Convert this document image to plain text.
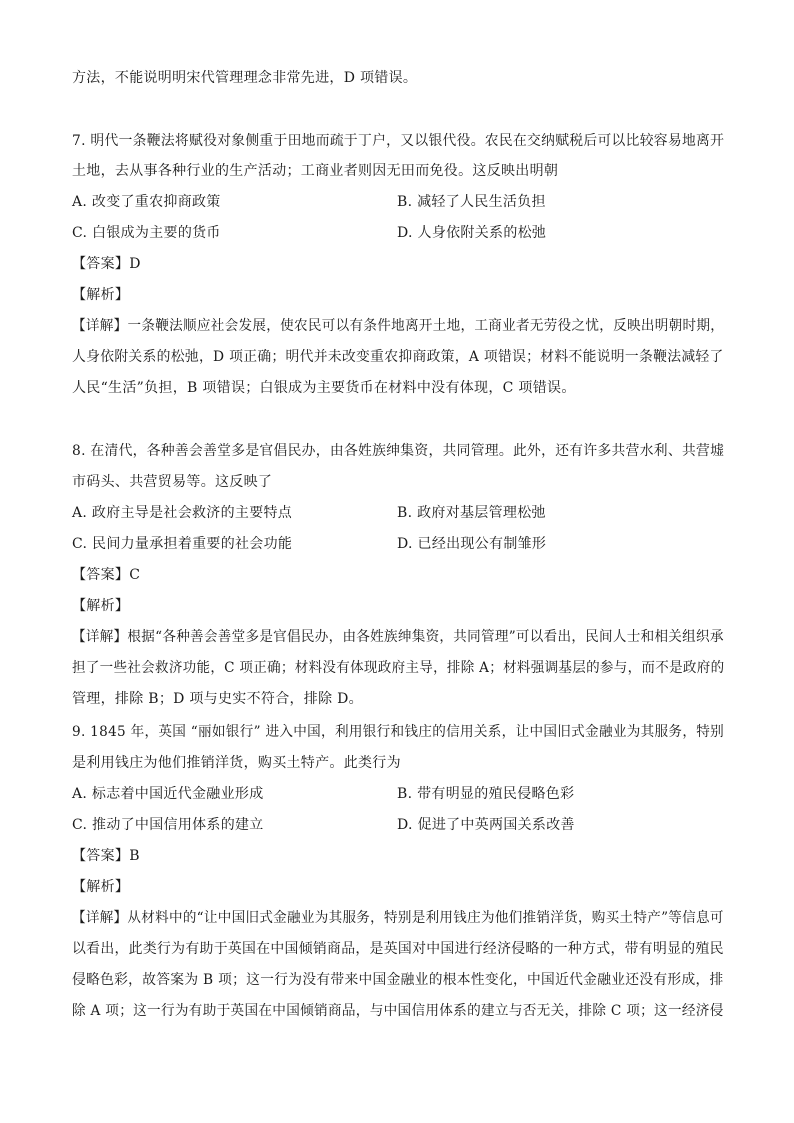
方法，不能说明明宋代管理理念非常先进，D 项错误。
7. 明代一条鞭法将赋役对象侧重于田地而疏于丁户，又以银代役。农民在交纳赋税后可以比较容易地离开
土地，去从事各种行业的生产活动；工商业者则因无田而免役。这反映出明朝
A. 改变了重农抑商政策	B. 减轻了人民生活负担
C. 白银成为主要的货币	D. 人身依附关系的松弛
【答案】D
【解析】
【详解】一条鞭法顺应社会发展，使农民可以有条件地离开土地，工商业者无劳役之忧，反映出明朝时期，
人身依附关系的松弛，D 项正确；明代并未改变重农抑商政策，A 项错误；材料不能说明一条鞭法减轻了
人民“生活”负担，B 项错误；白银成为主要货币在材料中没有体现，C 项错误。
8. 在清代，各种善会善堂多是官倡民办，由各姓族绅集资，共同管理。此外，还有许多共营水利、共营墟
市码头、共营贸易等。这反映了
A. 政府主导是社会救济的主要特点	B. 政府对基层管理松弛
C. 民间力量承担着重要的社会功能	D. 已经出现公有制雏形
【答案】C
【解析】
【详解】根据“各种善会善堂多是官倡民办，由各姓族绅集资，共同管理”可以看出，民间人士和相关组织承
担了一些社会救济功能，C 项正确；材料没有体现政府主导，排除 A；材料强调基层的参与，而不是政府的
管理，排除 B；D 项与史实不符合，排除 D。
9. 1845 年，英国 “丽如银行” 进入中国，利用银行和钱庄的信用关系，让中国旧式金融业为其服务，特别
是利用钱庄为他们推销洋货，购买土特产。此类行为
A. 标志着中国近代金融业形成	B. 带有明显的殖民侵略色彩
C. 推动了中国信用体系的建立	D. 促进了中英两国关系改善
【答案】B
【解析】
【详解】从材料中的“让中国旧式金融业为其服务，特别是利用钱庄为他们推销洋货，购买土特产”等信息可
以看出，此类行为有助于英国在中国倾销商品，是英国对中国进行经济侵略的一种方式，带有明显的殖民
侵略色彩，故答案为 B 项；这一行为没有带来中国金融业的根本性变化，中国近代金融业还没有形成，排
除 A 项；这一行为有助于英国在中国倾销商品，与中国信用体系的建立与否无关，排除 C 项；这一经济侵
